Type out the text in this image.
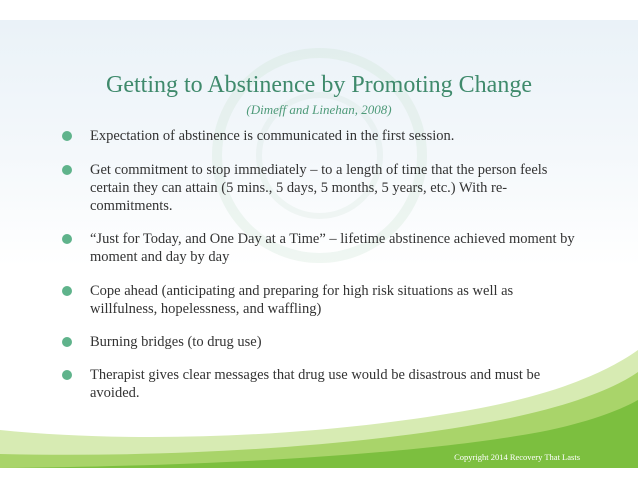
Getting to Abstinence by Promoting Change
(Dimeff and Linehan, 2008)
Expectation of abstinence is communicated in the first session.
Get commitment to stop immediately – to a length of time that the person feels certain they can attain (5 mins., 5 days, 5 months, 5 years, etc.) With re-commitments.
“Just for Today, and One Day at a Time” – lifetime abstinence achieved moment by moment and day by day
Cope ahead (anticipating and preparing for high risk situations as well as willfulness, hopelessness, and waffling)
Burning bridges (to drug use)
Therapist gives clear messages that drug use would be disastrous and must be avoided.
Copyright 2014 Recovery That Lasts
